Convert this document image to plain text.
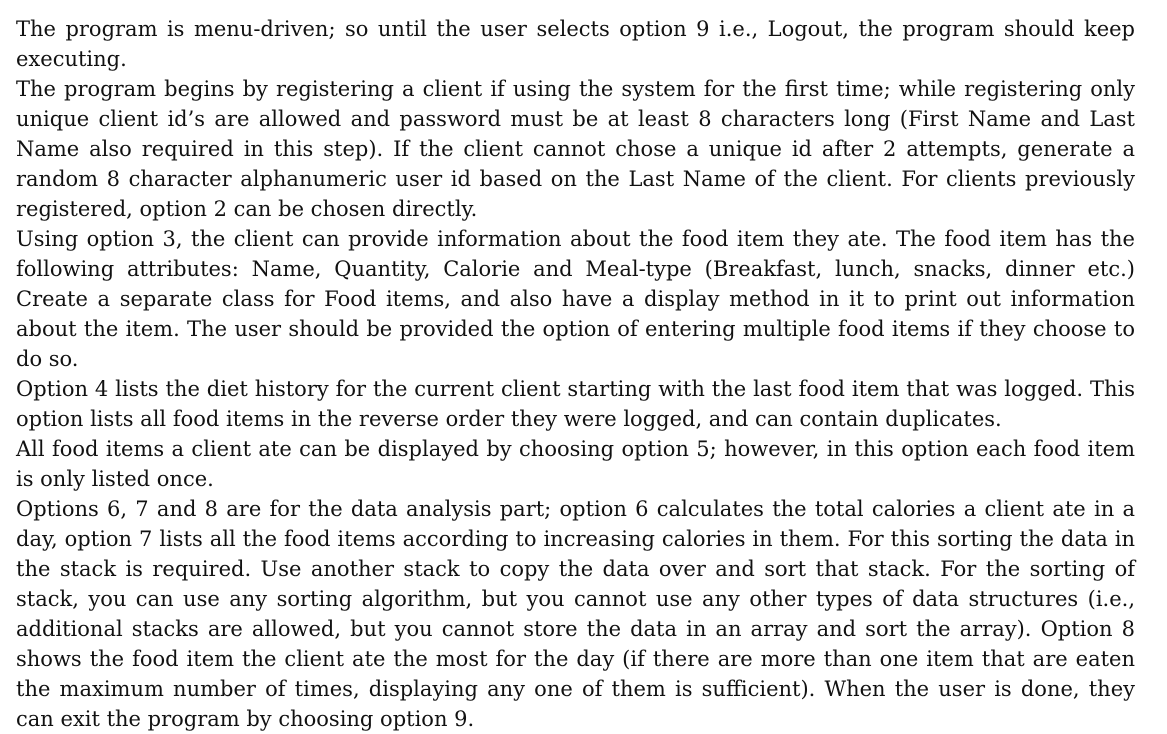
The program is menu-driven; so until the user selects option 9 i.e., Logout, the program should keep executing.

The program begins by registering a client if using the system for the first time; while registering only unique client id’s are allowed and password must be at least 8 characters long (First Name and Last Name also required in this step). If the client cannot chose a unique id after 2 attempts, generate a random 8 character alphanumeric user id based on the Last Name of the client. For clients previously registered, option 2 can be chosen directly.

Using option 3, the client can provide information about the food item they ate. The food item has the following attributes: Name, Quantity, Calorie and Meal-type (Breakfast, lunch, snacks, dinner etc.) Create a separate class for Food items, and also have a display method in it to print out information about the item. The user should be provided the option of entering multiple food items if they choose to do so.

Option 4 lists the diet history for the current client starting with the last food item that was logged. This option lists all food items in the reverse order they were logged, and can contain duplicates.

All food items a client ate can be displayed by choosing option 5; however, in this option each food item is only listed once.

Options 6, 7 and 8 are for the data analysis part; option 6 calculates the total calories a client ate in a day, option 7 lists all the food items according to increasing calories in them. For this sorting the data in the stack is required. Use another stack to copy the data over and sort that stack. For the sorting of stack, you can use any sorting algorithm, but you cannot use any other types of data structures (i.e., additional stacks are allowed, but you cannot store the data in an array and sort the array). Option 8 shows the food item the client ate the most for the day (if there are more than one item that are eaten the maximum number of times, displaying any one of them is sufficient). When the user is done, they can exit the program by choosing option 9.
